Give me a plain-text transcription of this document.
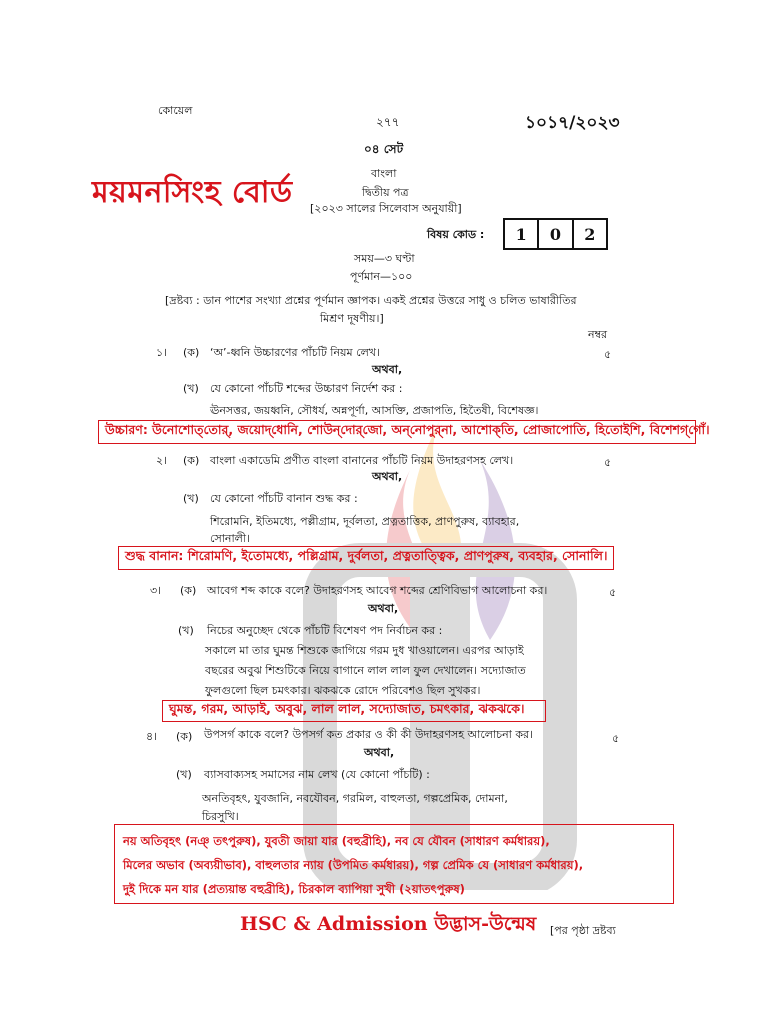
কোয়েল
২৭৭	১০১৭/২০২৩
০৪ সেট
বাংলা
দ্বিতীয় পত্র
[২০২৩ সালের সিলেবাস অনুযায়ী]
ময়মনসিংহ বোর্ড
বিষয় কোড :	1	0	2
সময়—৩ ঘণ্টা
পূর্ণমান—১০০
[দ্রষ্টব্য : ডান পাশের সংখ্যা প্রশ্নের পূর্ণমান জ্ঞাপক। একই প্রশ্নের উত্তরে সাধু ও চলিত ভাষারীতির
মিশ্রণ দূষণীয়।]
নম্বর
১। (ক) ‘অ’-ধ্বনি উচ্চারণের পাঁচটি নিয়ম লেখ।	৫
অথবা,
(খ) যে কোনো পাঁচটি শব্দের উচ্চারণ নির্দেশ কর :
ঊনসত্তর, জয়ধ্বনি, সৌধর্য, অন্নপূর্ণা, আসক্তি, প্রজাপতি, হিতৈষী, বিশেষজ্ঞ।
উচ্চারণ: উনোশোত্‌তোর্, জয়োদ্‌ধোনি, শোউন্‌দোর্‌জো, অন্‌নোপুর্‌না, আশোক্‌তি, প্রোজাপোতি, হিতোইশি, বিশেশগ্‌গোঁ।
২। (ক) বাংলা একাডেমি প্রণীত বাংলা বানানের পাঁচটি নিয়ম উদাহরণসহ লেখ।	৫
অথবা,
(খ) যে কোনো পাঁচটি বানান শুদ্ধ কর :
শিরোমনি, ইতিমধ্যে, পল্লীগ্রাম, দূর্বলতা, প্রত্নতাত্তিক, প্রাণপুরুষ, ব্যাবহার,
সোনালী।
শুদ্ধ বানান: শিরোমণি, ইতোমধ্যে, পল্লিগ্রাম, দুর্বলতা, প্রত্নতাত্ত্বিক, প্রাণপুরুষ, ব্যবহার, সোনালি।
৩। (ক) আবেগ শব্দ কাকে বলে? উদাহরণসহ আবেগ শব্দের শ্রেণিবিভাগ আলোচনা কর।	৫
অথবা,
(খ) নিচের অনুচ্ছেদ থেকে পাঁচটি বিশেষণ পদ নির্বাচন কর :
সকালে মা তার ঘুমন্ত শিশুকে জাগিয়ে গরম দুধ খাওয়ালেন। এরপর আড়াই
বছরের অবুঝ শিশুটিকে নিয়ে বাগানে লাল লাল ফুল দেখালেন। সদ্যোজাত
ফুলগুলো ছিল চমৎকার। ঝকঝকে রোদে পরিবেশও ছিল সুখকর।
ঘুমন্ত, গরম, আড়াই, অবুঝ, লাল লাল, সদ্যোজাত, চমৎকার, ঝকঝকে।
৪। (ক) উপসর্গ কাকে বলে? উপসর্গ কত প্রকার ও কী কী উদাহরণসহ আলোচনা কর।	৫
অথবা,
(খ) ব্যাসবাক্যসহ সমাসের নাম লেখ (যে কোনো পাঁচটি) :
অনতিবৃহৎ, যুবজানি, নবযৌবন, গরমিল, বাহুলতা, গল্পপ্রেমিক, দোমনা,
চিরসুখি।
নয় অতিবৃহৎ (নঞ্ তৎপুরুষ), যুবতী জায়া যার (বহুব্রীহি), নব যে যৌবন (সাধারণ কর্মধারয়),
মিলের অভাব (অব্যয়ীভাব), বাহুলতার ন্যায় (উপমিত কর্মধারয়), গল্প প্রেমিক যে (সাধারণ কর্মধারয়),
দুই দিকে মন যার (প্রত্যয়ান্ত বহুব্রীহি), চিরকাল ব্যাপিয়া সুখী (২য়াতৎপুরুষ)
HSC & Admission উদ্ভাস-উন্মেষ [পর পৃষ্ঠা দ্রষ্টব্য
